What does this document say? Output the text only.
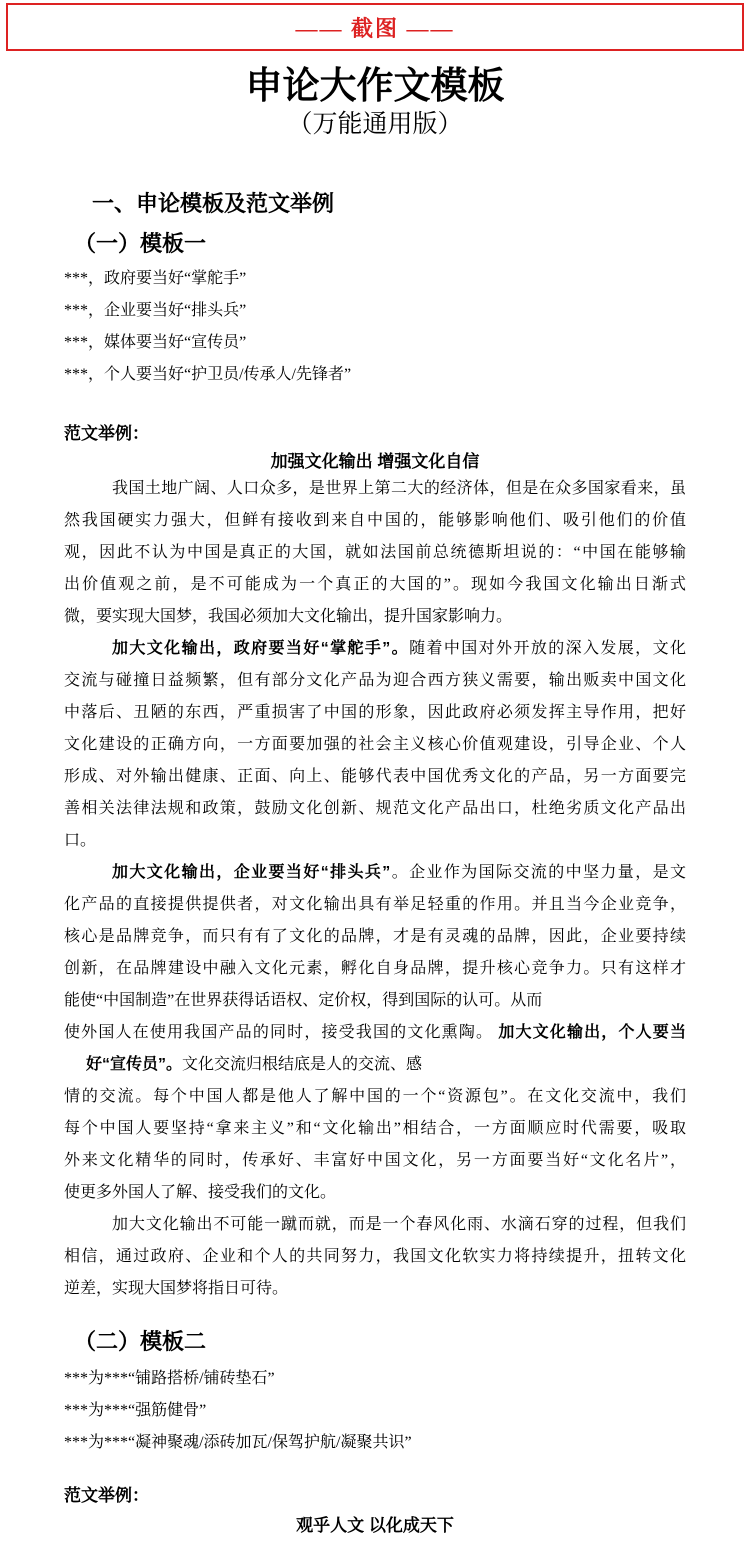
—— 截图 ——
申论大作文模板
（万能通用版）
一、申论模板及范文举例
（一）模板一
***，政府要当好“掌舵手”
***，企业要当好“排头兵”
***，媒体要当好“宣传员”
***，个人要当好“护卫员/传承人/先锋者”
范文举例：
加强文化输出 增强文化自信
我国土地广阔、人口众多，是世界上第二大的经济体，但是在众多国家看来，虽
然我国硬实力强大，但鲜有接收到来自中国的，能够影响他们、吸引他们的价值
观，因此不认为中国是真正的大国，就如法国前总统德斯坦说的：“中国在能够输
出价值观之前，是不可能成为一个真正的大国的”。现如今我国文化输出日渐式
微，要实现大国梦，我国必须加大文化输出，提升国家影响力。
加大文化输出，政府要当好“掌舵手”。随着中国对外开放的深入发展，文化
交流与碰撞日益频繁，但有部分文化产品为迎合西方狭义需要，输出贩卖中国文化
中落后、丑陋的东西，严重损害了中国的形象，因此政府必须发挥主导作用，把好
文化建设的正确方向，一方面要加强的社会主义核心价值观建设，引导企业、个人
形成、对外输出健康、正面、向上、能够代表中国优秀文化的产品，另一方面要完
善相关法律法规和政策，鼓励文化创新、规范文化产品出口，杜绝劣质文化产品出
口。
加大文化输出，企业要当好“排头兵”。企业作为国际交流的中坚力量，是文
化产品的直接提供提供者，对文化输出具有举足轻重的作用。并且当今企业竞争，
核心是品牌竞争，而只有有了文化的品牌，才是有灵魂的品牌，因此，企业要持续
创新，在品牌建设中融入文化元素，孵化自身品牌，提升核心竞争力。只有这样才
能使“中国制造”在世界获得话语权、定价权，得到国际的认可。从而
使外国人在使用我国产品的同时，接受我国的文化熏陶。 加大文化输出，个人要当
好“宣传员”。文化交流归根结底是人的交流、感
情的交流。每个中国人都是他人了解中国的一个“资源包”。在文化交流中，我们
每个中国人要坚持“拿来主义”和“文化输出”相结合，一方面顺应时代需要，吸取
外来文化精华的同时，传承好、丰富好中国文化，另一方面要当好“文化名片”，
使更多外国人了解、接受我们的文化。
加大文化输出不可能一蹴而就，而是一个春风化雨、水滴石穿的过程，但我们
相信，通过政府、企业和个人的共同努力，我国文化软实力将持续提升，扭转文化
逆差，实现大国梦将指日可待。
（二）模板二
***为***“铺路搭桥/铺砖垫石”
***为***“强筋健骨”
***为***“凝神聚魂/添砖加瓦/保驾护航/凝聚共识”
范文举例：
观乎人文 以化成天下
